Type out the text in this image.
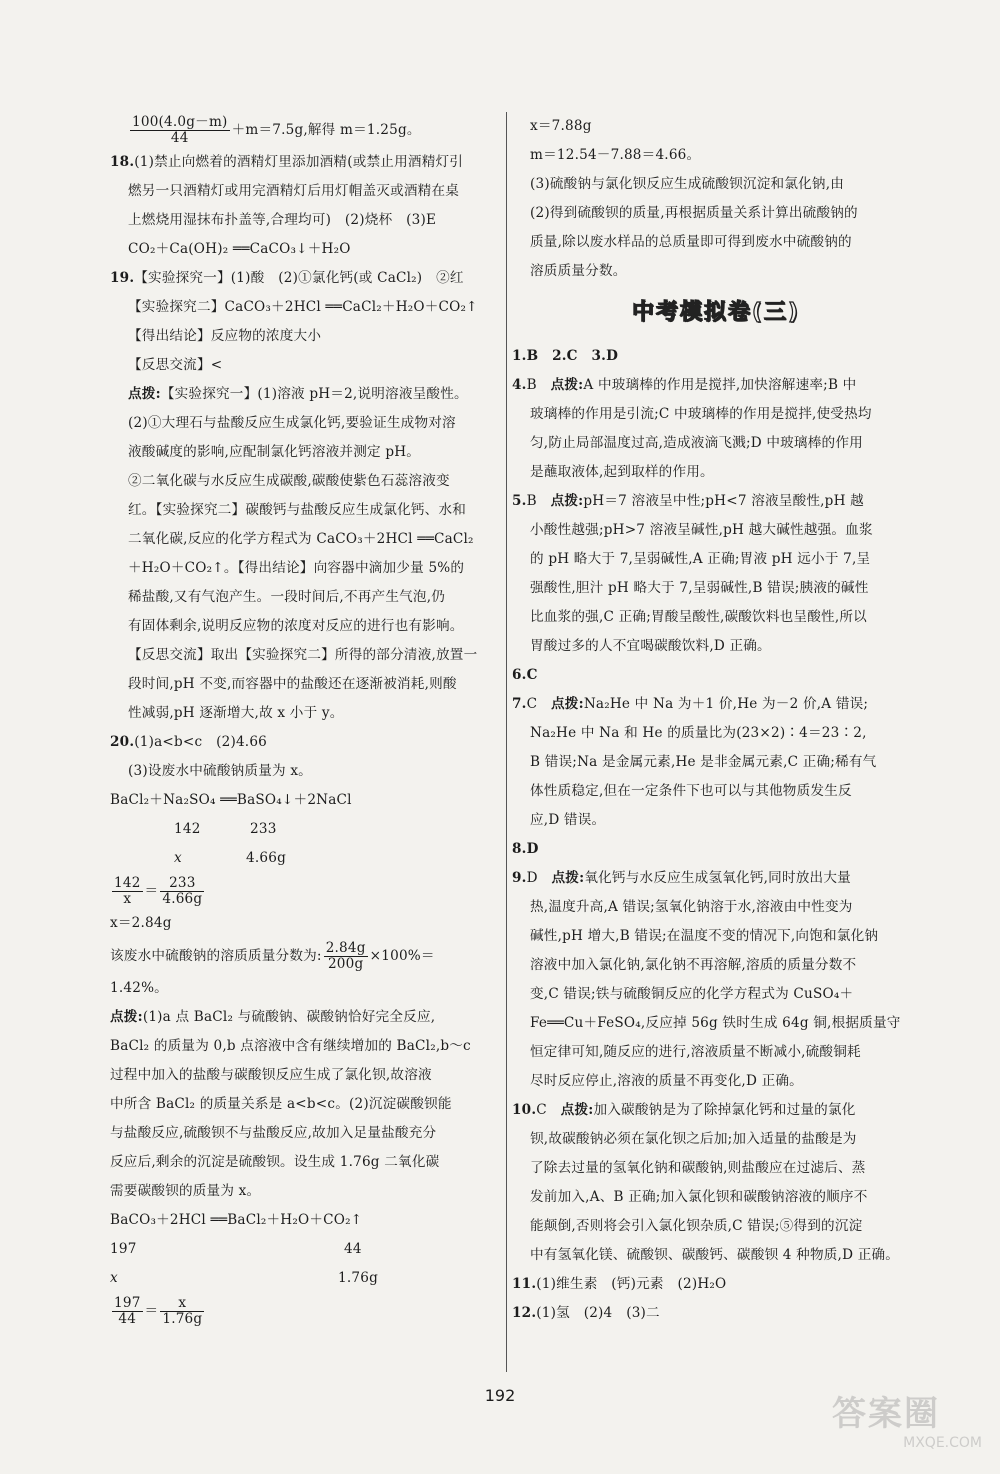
$\frac{100(4.0g-m)}{44} +m=7.5g$,解得 m＝1.25g。

18.(1)禁止向燃着的酒精灯里添加酒精(或禁止用酒精灯引

燃另一只酒精灯或用完酒精灯后用灯帽盖灭或酒精在桌

上燃烧用湿抹布扑盖等,合理均可)　(2)烧杯　(3)E

CO₂＋Ca(OH)₂ ══CaCO₃↓＋H₂O

19.【实验探究一】(1)酸　(2)①氯化钙(或 CaCl₂)　②红

【实验探究二】CaCO₃＋2HCl ══CaCl₂＋H₂O＋CO₂↑

【得出结论】反应物的浓度大小

【反思交流】<

点拨:【实验探究一】(1)溶液 pH＝2,说明溶液呈酸性。

(2)①大理石与盐酸反应生成氯化钙,要验证生成物对溶

液酸碱度的影响,应配制氯化钙溶液并测定 pH。

②二氧化碳与水反应生成碳酸,碳酸使紫色石蕊溶液变

红。【实验探究二】碳酸钙与盐酸反应生成氯化钙、水和

二氧化碳,反应的化学方程式为 CaCO₃＋2HCl ══CaCl₂

＋H₂O＋CO₂↑。【得出结论】向容器中滴加少量 5%的

稀盐酸,又有气泡产生。一段时间后,不再产生气泡,仍

有固体剩余,说明反应物的浓度对反应的进行也有影响。

【反思交流】取出【实验探究二】所得的部分清液,放置一

段时间,pH 不变,而容器中的盐酸还在逐渐被消耗,则酸

性减弱,pH 逐渐增大,故 x 小于 y。

20.(1)a<b<c　(2)4.66

(3)设废水中硫酸钠质量为 x。

BaCl₂＋Na₂SO₄ ══BaSO₄↓＋2NaCl

142	233
x	4.66g

$\frac{142}{x} = \frac{233}{4.66g}$

x＝2.84g

该废水中硫酸钠的溶质质量分数为: $\frac{2.84g}{200g} \times 100\%=$

1.42%。

点拨:(1)a 点 BaCl₂ 与硫酸钠、碳酸钠恰好完全反应,

BaCl₂ 的质量为 0,b 点溶液中含有继续增加的 BaCl₂,b～c

过程中加入的盐酸与碳酸钡反应生成了氯化钡,故溶液

中所含 BaCl₂ 的质量关系是 a<b<c。(2)沉淀碳酸钡能

与盐酸反应,硫酸钡不与盐酸反应,故加入足量盐酸充分

反应后,剩余的沉淀是硫酸钡。设生成 1.76g 二氧化碳

需要碳酸钡的质量为 x。

BaCO₃＋2HCl ══BaCl₂＋H₂O＋CO₂↑

197	44
x	1.76g

$\frac{197}{44} = \frac{x}{1.76g}$

x＝7.88g

m＝12.54－7.88＝4.66。

(3)硫酸钠与氯化钡反应生成硫酸钡沉淀和氯化钠,由

(2)得到硫酸钡的质量,再根据质量关系计算出硫酸钠的

质量,除以废水样品的总质量即可得到废水中硫酸钠的

溶质质量分数。

中考模拟卷(三)

1.B　 2.C　 3.D

4.B　 点拨:A 中玻璃棒的作用是搅拌,加快溶解速率;B 中

玻璃棒的作用是引流;C 中玻璃棒的作用是搅拌,使受热均

匀,防止局部温度过高,造成液滴飞溅;D 中玻璃棒的作用

是蘸取液体,起到取样的作用。

5.B　 点拨:pH＝7 溶液呈中性;pH<7 溶液呈酸性,pH 越

小酸性越强;pH>7 溶液呈碱性,pH 越大碱性越强。血浆

的 pH 略大于 7,呈弱碱性,A 正确;胃液 pH 远小于 7,呈

强酸性,胆汁 pH 略大于 7,呈弱碱性,B 错误;胰液的碱性

比血浆的强,C 正确;胃酸呈酸性,碳酸饮料也呈酸性,所以

胃酸过多的人不宜喝碳酸饮料,D 正确。

6.C

7.C　 点拨:Na₂He 中 Na 为＋1 价,He 为－2 价,A 错误;

Na₂He 中 Na 和 He 的质量比为(23×2)∶4＝23∶2,

B 错误;Na 是金属元素,He 是非金属元素,C 正确;稀有气

体性质稳定,但在一定条件下也可以与其他物质发生反

应,D 错误。

8.D

9.D　 点拨:氧化钙与水反应生成氢氧化钙,同时放出大量

热,温度升高,A 错误;氢氧化钠溶于水,溶液由中性变为

碱性,pH 增大,B 错误;在温度不变的情况下,向饱和氯化钠

溶液中加入氯化钠,氯化钠不再溶解,溶质的质量分数不

变,C 错误;铁与硫酸铜反应的化学方程式为 CuSO₄＋

Fe══Cu＋FeSO₄,反应掉 56g 铁时生成 64g 铜,根据质量守

恒定律可知,随反应的进行,溶液质量不断减小,硫酸铜耗

尽时反应停止,溶液的质量不再变化,D 正确。

10.C　 点拨:加入碳酸钠是为了除掉氯化钙和过量的氯化

钡,故碳酸钠必须在氯化钡之后加;加入适量的盐酸是为

了除去过量的氢氧化钠和碳酸钠,则盐酸应在过滤后、蒸

发前加入,A、B 正确;加入氯化钡和碳酸钠溶液的顺序不

能颠倒,否则将会引入氯化钡杂质,C 错误;⑤得到的沉淀

中有氢氧化镁、硫酸钡、碳酸钙、碳酸钡 4 种物质,D 正确。

11.(1)维生素　(钙)元素　(2)H₂O

12.(1)氢　(2)4　(3)二

192	答案圈
MXQE.COM
